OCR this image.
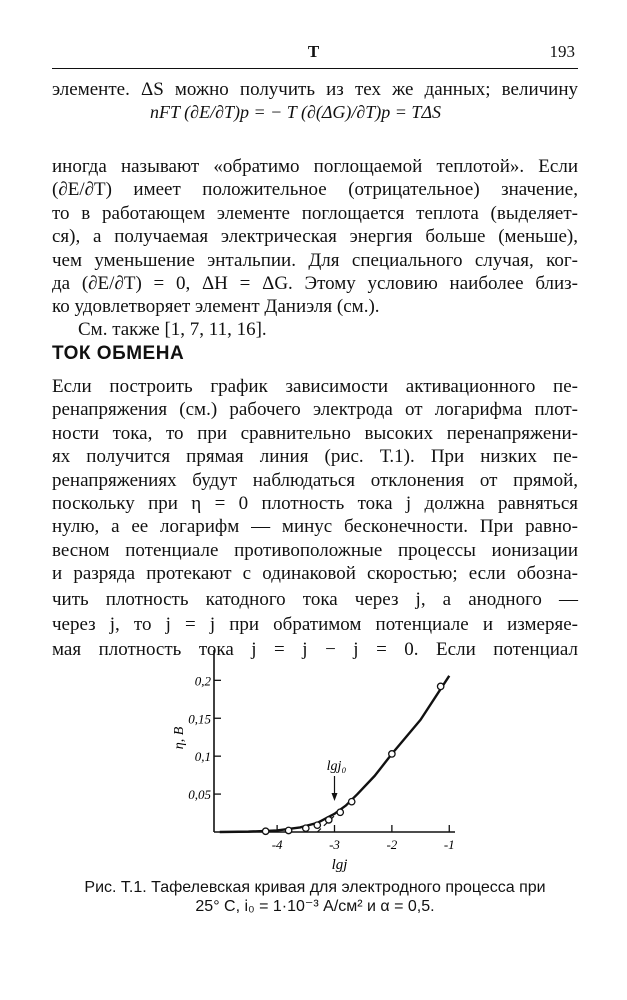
Т	193
элементе. ΔS можно получить из тех же данных; величину
nFT (∂E/∂T)p = − T (∂(ΔG)/∂T)p = TΔS
иногда называют «обратимо поглощаемой теплотой». Если
(∂E/∂T) имеет положительное (отрицательное) значение,
то в работающем элементе поглощается теплота (выделяет-
ся), а получаемая электрическая энергия больше (меньше),
чем уменьшение энтальпии. Для специального случая, ког-
да (∂E/∂T) = 0, ΔH = ΔG. Этому условию наиболее близ-
ко удовлетворяет элемент Даниэля (см.).
См. также [1, 7, 11, 16].
ТОК ОБМЕНА
Если построить график зависимости активационного пе-
ренапряжения (см.) рабочего электрода от логарифма плот-
ности тока, то при сравнительно высоких перенапряжени-
ях получится прямая линия (рис. Т.1). При низких пе-
ренапряжениях будут наблюдаться отклонения от прямой,
поскольку при η = 0 плотность тока j должна равняться
нулю, а ее логарифм — минус бесконечности. При равно-
весном потенциале противоположные процессы ионизации
и разряда протекают с одинаковой скоростью; если обозна-
чить плотность катодного тока через j, а анодного —
через j, то j = j при обратимом потенциале и измеряе-
мая плотность тока j = j − j = 0. Если потенциал
0,05
0,1
0,15
0,2
-4	-3	-2	-1
lgj₀
lgj
η, В
Рис. Т.1. Тафелевская кривая для электродного процесса при
25° C, i₀ = 1·10⁻³ А/см² и α = 0,5.
